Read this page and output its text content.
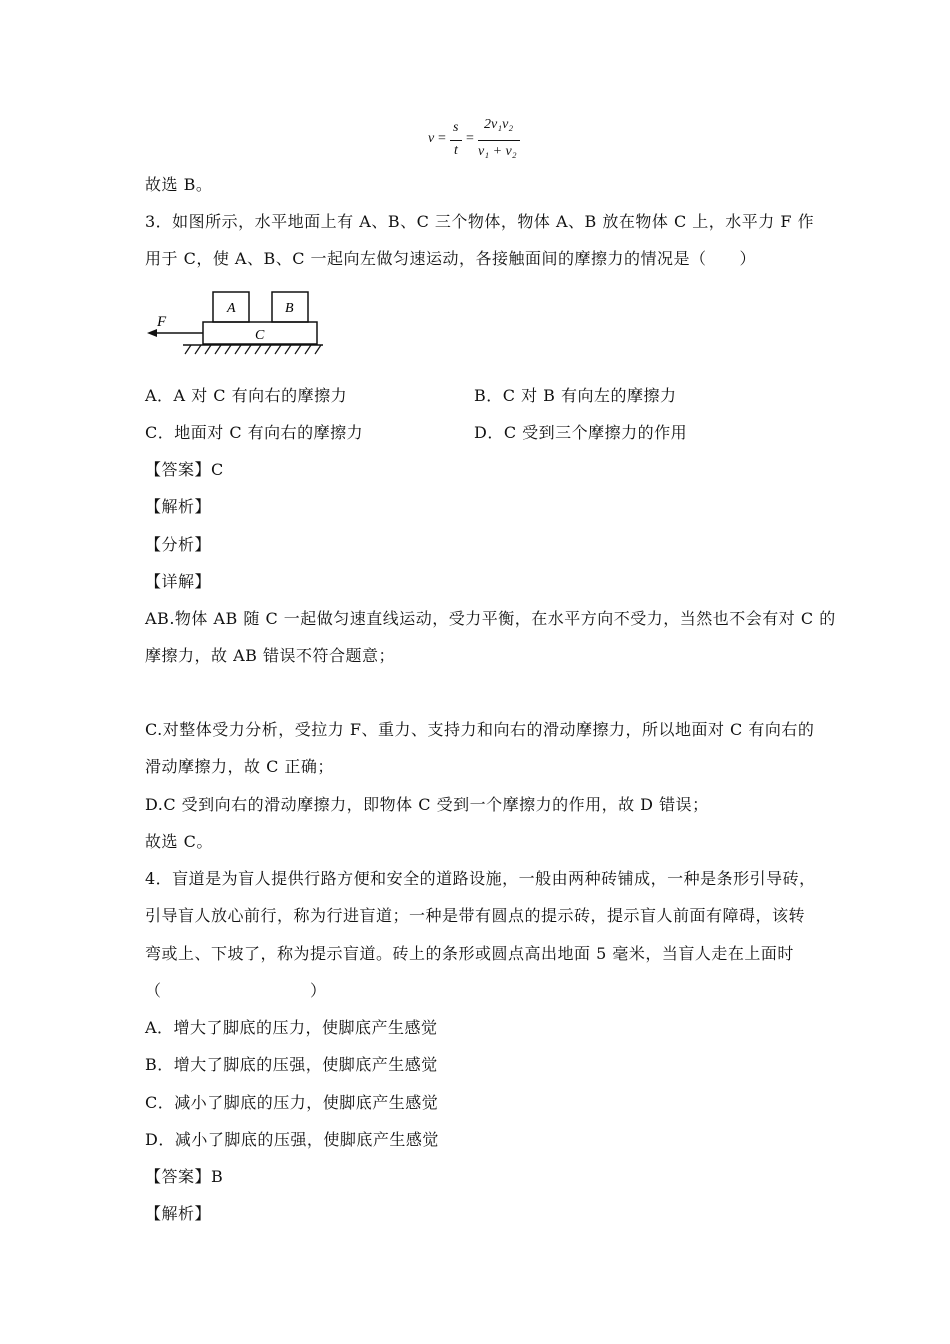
v =
s
t
=
2v₁v₂
v₁ + v₂
故选 B。
3．如图所示，水平地面上有 A、B、C 三个物体，物体 A、B 放在物体 C 上，水平力 F 作
用于 C，使 A、B、C 一起向左做匀速运动，各接触面间的摩擦力的情况是（　　）
A	B
C
F
A．A 对 C 有向右的摩擦力	B．C 对 B 有向左的摩擦力
C．地面对 C 有向右的摩擦力	D．C 受到三个摩擦力的作用
【答案】C
【解析】
【分析】
【详解】
AB.物体 AB 随 C 一起做匀速直线运动，受力平衡，在水平方向不受力，当然也不会有对 C 的
摩擦力，故 AB 错误不符合题意；
C.对整体受力分析，受拉力 F、重力、支持力和向右的滑动摩擦力，所以地面对 C 有向右的
滑动摩擦力，故 C 正确；
D.C 受到向右的滑动摩擦力，即物体 C 受到一个摩擦力的作用，故 D 错误；
故选 C。
4．盲道是为盲人提供行路方便和安全的道路设施，一般由两种砖铺成，一种是条形引导砖，
引导盲人放心前行，称为行进盲道；一种是带有圆点的提示砖，提示盲人前面有障碍，该转
弯或上、下坡了，称为提示盲道。砖上的条形或圆点高出地面 5 毫米，当盲人走在上面时
（　　　　　　　　　）
A．增大了脚底的压力，使脚底产生感觉
B．增大了脚底的压强，使脚底产生感觉
C．减小了脚底的压力，使脚底产生感觉
D．减小了脚底的压强，使脚底产生感觉
【答案】B
【解析】
